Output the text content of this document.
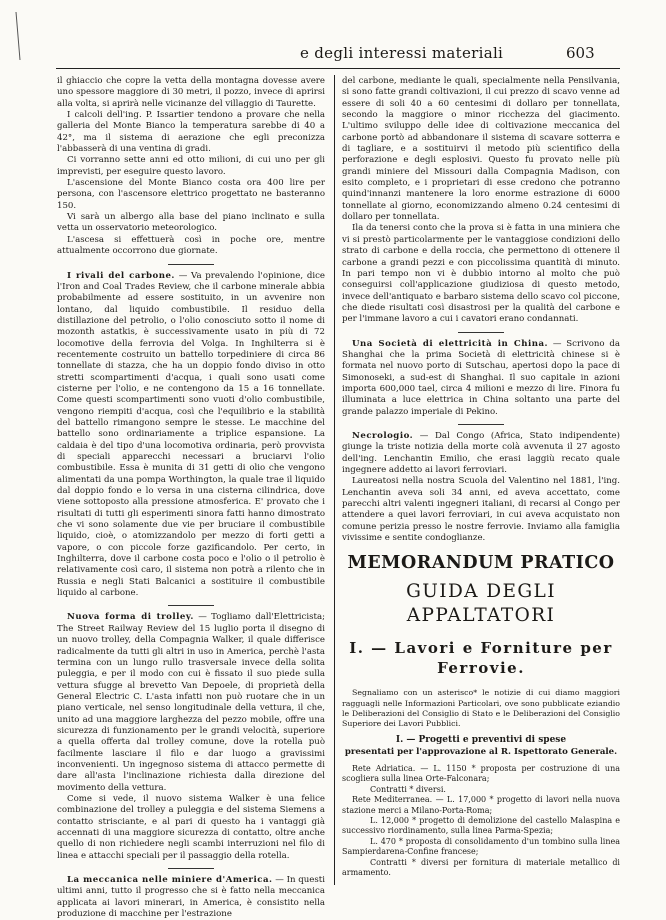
e degli interessi materiali	603

il ghiaccio che copre la vetta della montagna dovesse avere uno spessore maggiore di 30 metri, il pozzo, invece di aprirsi alla volta, si aprirà nelle vicinanze del villaggio di Taurette.

I calcoli dell'ing. P. Issartier tendono a provare che nella galleria del Monte Bianco la temperatura sarebbe di 40 a 42°, ma il sistema di aerazione che egli preconizza l'abbasserà di una ventina di gradi.

Ci vorranno sette anni ed otto milioni, di cui uno per gli imprevisti, per eseguire questo lavoro.

L'ascensione del Monte Bianco costa ora 400 lire per persona, con l'ascensore elettrico progettato ne basteranno 150.

Vi sarà un albergo alla base del piano inclinato e sulla vetta un osservatorio meteorologico.

L'ascesa si effettuerà così in poche ore, mentre attualmente occorrono due giornate.

I rivali del carbone. — Va prevalendo l'opinione, dice l'Iron and Coal Trades Review, che il carbone minerale abbia probabilmente ad essere sostituito, in un avvenire non lontano, dal liquido combustibile. Il residuo della distillazione del petrolio, o l'olio conosciuto sotto il nome di mozonth astatkis, è successivamente usato in più di 72 locomotive della ferrovia del Volga. In Inghilterra si è recentemente costruito un battello torpediniere di circa 86 tonnellate di stazza, che ha un doppio fondo diviso in otto stretti scompartimenti d'acqua, i quali sono usati come cisterne per l'olio, e ne contengono da 15 a 16 tonnellate. Come questi scompartimenti sono vuoti d'olio combustibile, vengono riempiti d'acqua, così che l'equilibrio e la stabilità del battello rimangono sempre le stesse. Le macchine del battello sono ordinariamente a triplice espansione. La caldaia è del tipo d'una locomotiva ordinaria, però provvista di speciali apparecchi necessari a bruciarvi l'olio combustibile. Essa è munita di 31 getti di olio che vengono alimentati da una pompa Worthington, la quale trae il liquido dal doppio fondo e lo versa in una cisterna cilindrica, dove viene sottoposto alla pressione atmosferica. E' provato che i risultati di tutti gli esperimenti sinora fatti hanno dimostrato che vi sono solamente due vie per bruciare il combustibile liquido, cioè, o atomizzandolo per mezzo di forti getti a vapore, o con piccole forze gazificandolo. Per certo, in Inghilterra, dove il carbone costa poco e l'olio o il petrolio è relativamente così caro, il sistema non potrà a rilento che in Russia e negli Stati Balcanici a sostituire il combustibile liquido al carbone.

Nuova forma di trolley. — Togliamo dall'Elettricista; The Street Railway Review del 15 luglio porta il disegno di un nuovo trolley, della Compagnia Walker, il quale differisce radicalmente da tutti gli altri in uso in America, perchè l'asta termina con un lungo rullo trasversale invece della solita puleggia, e per il modo con cui è fissato il suo piede sulla vettura sfugge al brevetto Van Depoele, di proprietà della General Electric C. L'asta infatti non può ruotare che in un piano verticale, nel senso longitudinale della vettura, il che, unito ad una maggiore larghezza del pezzo mobile, offre una sicurezza di funzionamento per le grandi velocità, superiore a quella offerta dal trolley comune, dove la rotella può facilmente lasciare il filo e dar luogo a gravissimi inconvenienti. Un ingegnoso sistema di attacco permette di dare all'asta l'inclinazione richiesta dalla direzione del movimento della vettura.

Come si vede, il nuovo sistema Walker è una felice combinazione del trolley a puleggia e del sistema Siemens a contatto strisciante, e al pari di questo ha i vantaggi già accennati di una maggiore sicurezza di contatto, oltre anche quello di non richiedere negli scambi interruzioni nel filo di linea e attacchi speciali per il passaggio della rotella.

La meccanica nelle miniere d'America. — In questi ultimi anni, tutto il progresso che si è fatto nella meccanica applicata ai lavori minerari, in America, è consistito nella produzione di macchine per l'estrazione

del carbone, mediante le quali, specialmente nella Pensilvania, si sono fatte grandi coltivazioni, il cui prezzo di scavo venne ad essere di soli 40 a 60 centesimi di dollaro per tonnellata, secondo la maggiore o minor ricchezza del giacimento. L'ultimo sviluppo delle idee di coltivazione meccanica del carbone portò ad abbandonare il sistema di scavare sotterra e di tagliare, e a sostituirvi il metodo più scientifico della perforazione e degli esplosivi. Questo fu provato nelle più grandi miniere del Missouri dalla Compagnia Madison, con esito completo, e i proprietari di esse credono che potranno quind'innanzi mantenere la loro enorme estrazione di 6000 tonnellate al giorno, economizzando almeno 0.24 centesimi di dollaro per tonnellata.

Ila da tenersi conto che la prova si è fatta in una miniera che vi si prestò particolarmente per le vantaggiose condizioni dello strato di carbone e della roccia, che permettono di ottenere il carbone a grandi pezzi e con piccolissima quantità di minuto. In pari tempo non vi è dubbio intorno al molto che può conseguirsi coll'applicazione giudiziosa di questo metodo, invece dell'antiquato e barbaro sistema dello scavo col piccone, che diede risultati così disastrosi per la qualità del carbone e per l'immane lavoro a cui i cavatori erano condannati.

Una Società di elettricità in China. — Scrivono da Shanghai che la prima Società di elettricità chinese si è formata nel nuovo porto di Sutschau, apertosi dopo la pace di Simonoseki, a sud-est di Shanghai. Il suo capitale in azioni importa 600,000 tael, circa 4 milioni e mezzo di lire. Finora fu illuminata a luce elettrica in China soltanto una parte del grande palazzo imperiale di Pekino.

Necrologio. — Dal Congo (Africa, Stato indipendente) giunge la triste notizia della morte colà avvenuta il 27 agosto dell'ing. Lenchantin Emilio, che erasi laggiù recato quale ingegnere addetto ai lavori ferroviari.

Laureatosi nella nostra Scuola del Valentino nel 1881, l'ing. Lenchantin aveva soli 34 anni, ed aveva accettato, come parecchi altri valenti ingegneri italiani, di recarsi al Congo per attendere a quei lavori ferroviari, in cui aveva acquistato non comune perizia presso le nostre ferrovie. Inviamo alla famiglia vivissime e sentite condoglianze.

MEMORANDUM PRATICO
GUIDA DEGLI APPALTATORI
I. — Lavori e Forniture per Ferrovie.

Segnaliamo con un asterisco* le notizie di cui diamo maggiori ragguagli nelle Informazioni Particolari, ove sono pubblicate eziandio le Deliberazioni del Consiglio di Stato e le Deliberazioni del Consiglio Superiore dei Lavori Pubblici.

I. — Progetti e preventivi di spese
presentati per l'approvazione al R. Ispettorato Generale.

Rete Adriatica. — L. 1150 * proposta per costruzione di una scogliera sulla linea Orte-Falconara;

Contratti * diversi.

Rete Mediterranea. — L. 17,000 * progetto di lavori nella nuova stazione merci a Milano-Porta-Roma;

L. 12,000 * progetto di demolizione del castello Malaspina e successivo riordinamento, sulla linea Parma-Spezia;

L. 470 * proposta di consolidamento d'un tombino sulla linea Sampierdarena-Confine francese;

Contratti * diversi per fornitura di materiale metallico di armamento.
